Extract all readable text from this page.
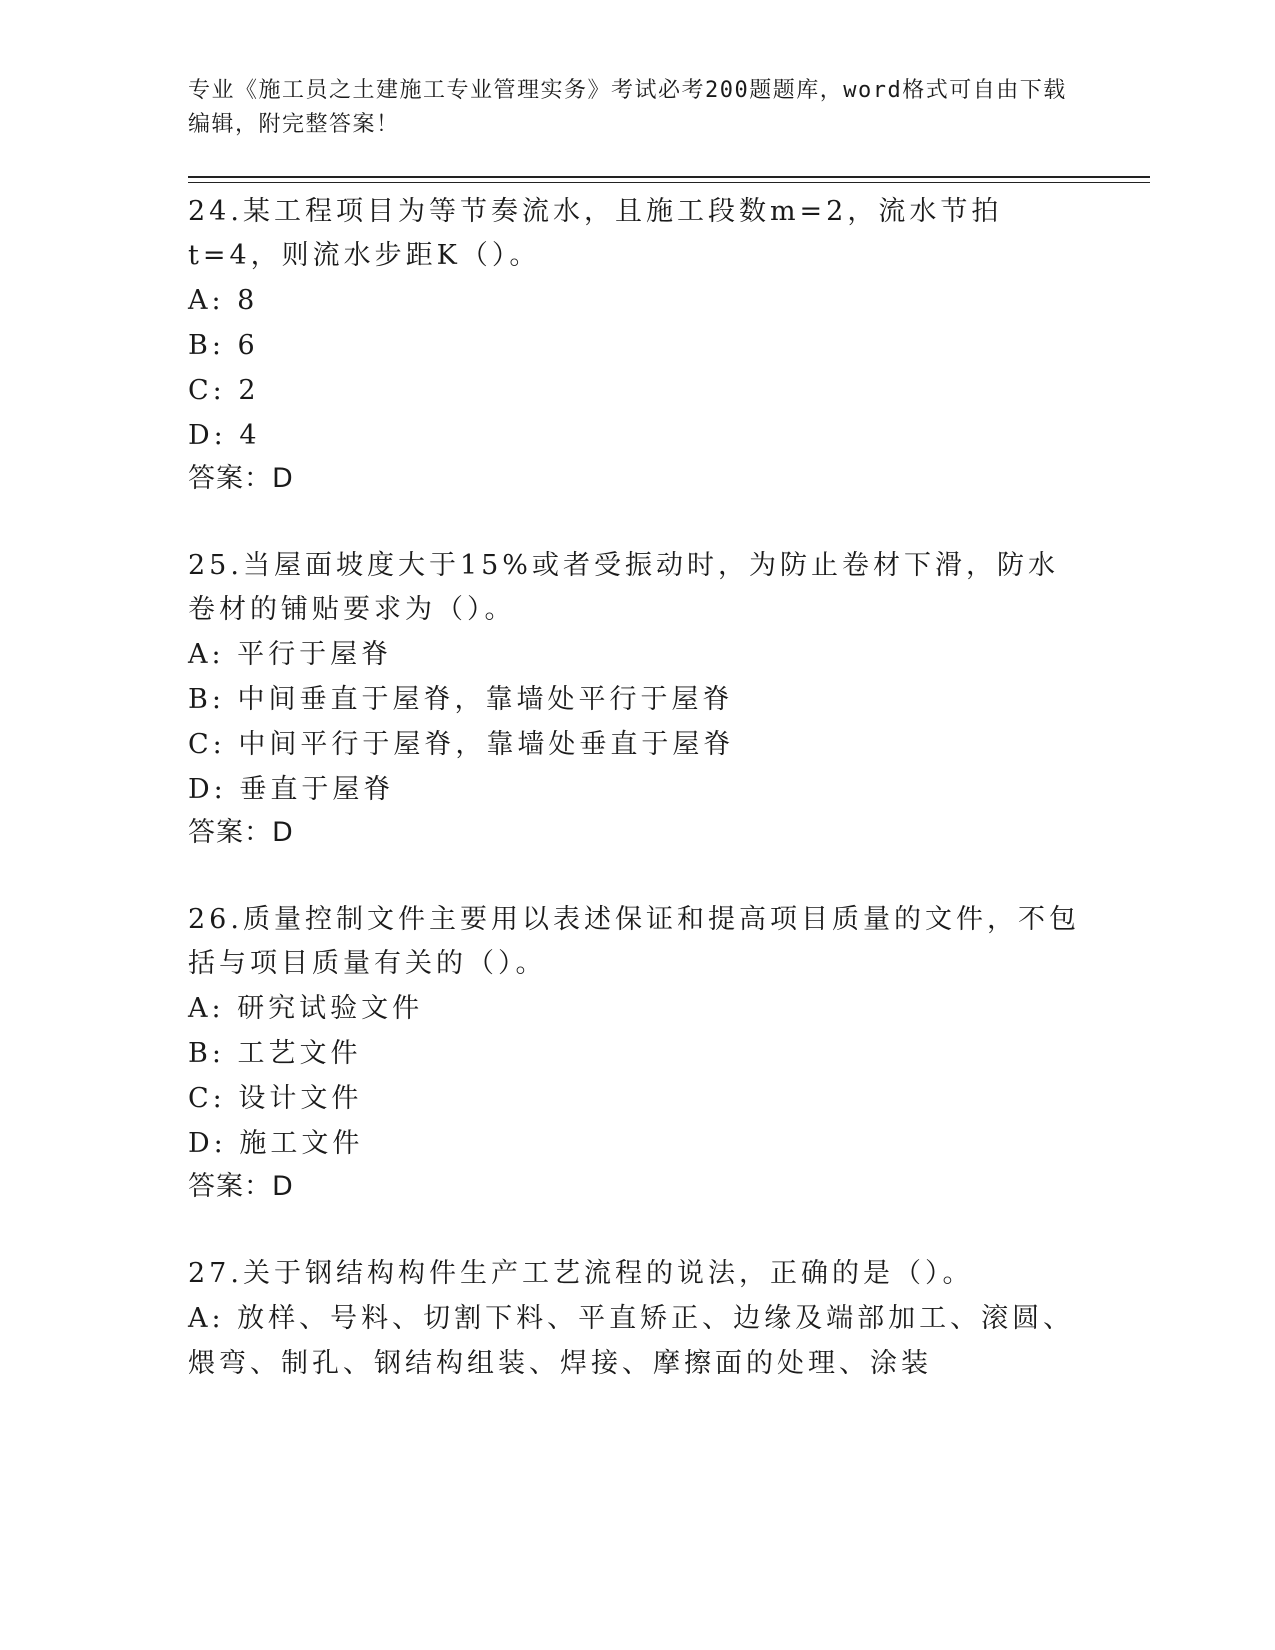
专业《施工员之土建施工专业管理实务》考试必考200题题库，word格式可自由下载编辑，附完整答案！

24.某工程项目为等节奏流水，且施工段数m=2，流水节拍t=4，则流水步距K（）。

A: 8

B: 6

C: 2

D: 4

答案：D

25.当屋面坡度大于15%或者受振动时，为防止卷材下滑，防水卷材的铺贴要求为（）。

A: 平行于屋脊

B: 中间垂直于屋脊，靠墙处平行于屋脊

C: 中间平行于屋脊，靠墙处垂直于屋脊

D: 垂直于屋脊

答案：D

26.质量控制文件主要用以表述保证和提高项目质量的文件，不包括与项目质量有关的（）。

A: 研究试验文件

B: 工艺文件

C: 设计文件

D: 施工文件

答案：D

27.关于钢结构构件生产工艺流程的说法，正确的是（）。

A: 放样、号料、切割下料、平直矫正、边缘及端部加工、滚圆、煨弯、制孔、钢结构组装、焊接、摩擦面的处理、涂装
